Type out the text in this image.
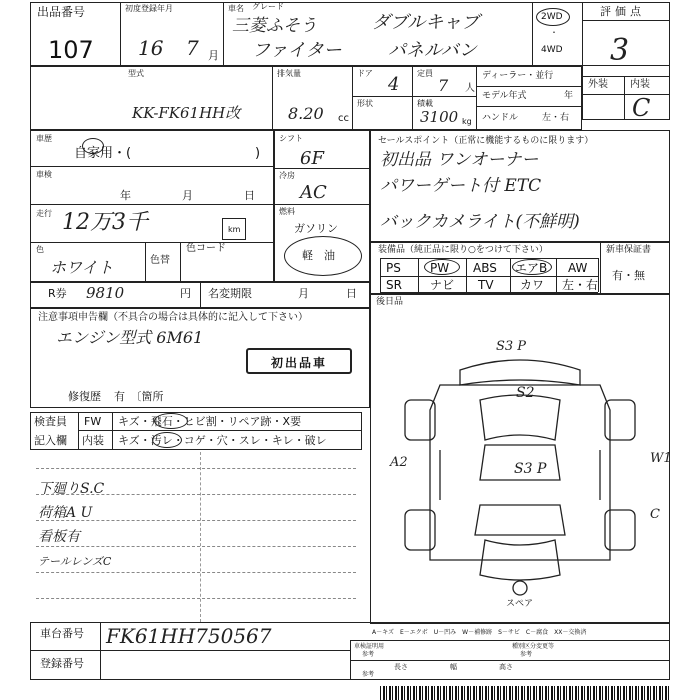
出品番号
107
初度登録年月
16 7 月
車名 グレード
三菱ふそう
ファイター
ダブルキャブ
パネルバン
2WD
・
4WD
評価点
3
外装 内装
C
型式
KK-FK61HH改
排気量
8.20 cc
ドア
4
定員
7 人
形状	積載
3100 kg
ディーラー・並行
モデル年式	年
ハンドル	左・右
車歴
自家用・(	)
車検
年	月	日
走行 12万3千	km
色
ホワイト	色替
色コード
シフト
6F
冷房
AC
燃料
ガソリン
軽　油
セールスポイント（正常に機能するものに限ります）
初出品 ワンオーナー
パワーゲート付 ETC
バックカメライト(不鮮明)
装備品（純正品に限り○をつけて下さい）	新車保証書
有・無
PS PW ABS エアB AW
SR ナビ TV カワ 左・右
R券 9810	円 名変期限	月	日
後日品
注意事項申告欄（不具合の場合は具体的に記入して下さい）
エンジン型式 6M61
初出品車
修復歴 有　〔箇所
検査員
記入欄
FW キズ・飛石・ヒビ割・リペア跡・X要
内装 キズ・汚レ・コゲ・穴・スレ・キレ・破レ
下廻りS.C
荷箱A U
看板有
テールレンズC
S3 P
S2
S3 P
A2	W1
C
スペア
車台番号 FK61HH750567
登録番号
A－キズ　E－エクボ　U－凹み　W－補修跡　S－サビ　C－腐食　XX－交換済
車検証明用
参考
種別区分変更等
参考
長さ　　　　　　幅　　　　　　高さ
参考
